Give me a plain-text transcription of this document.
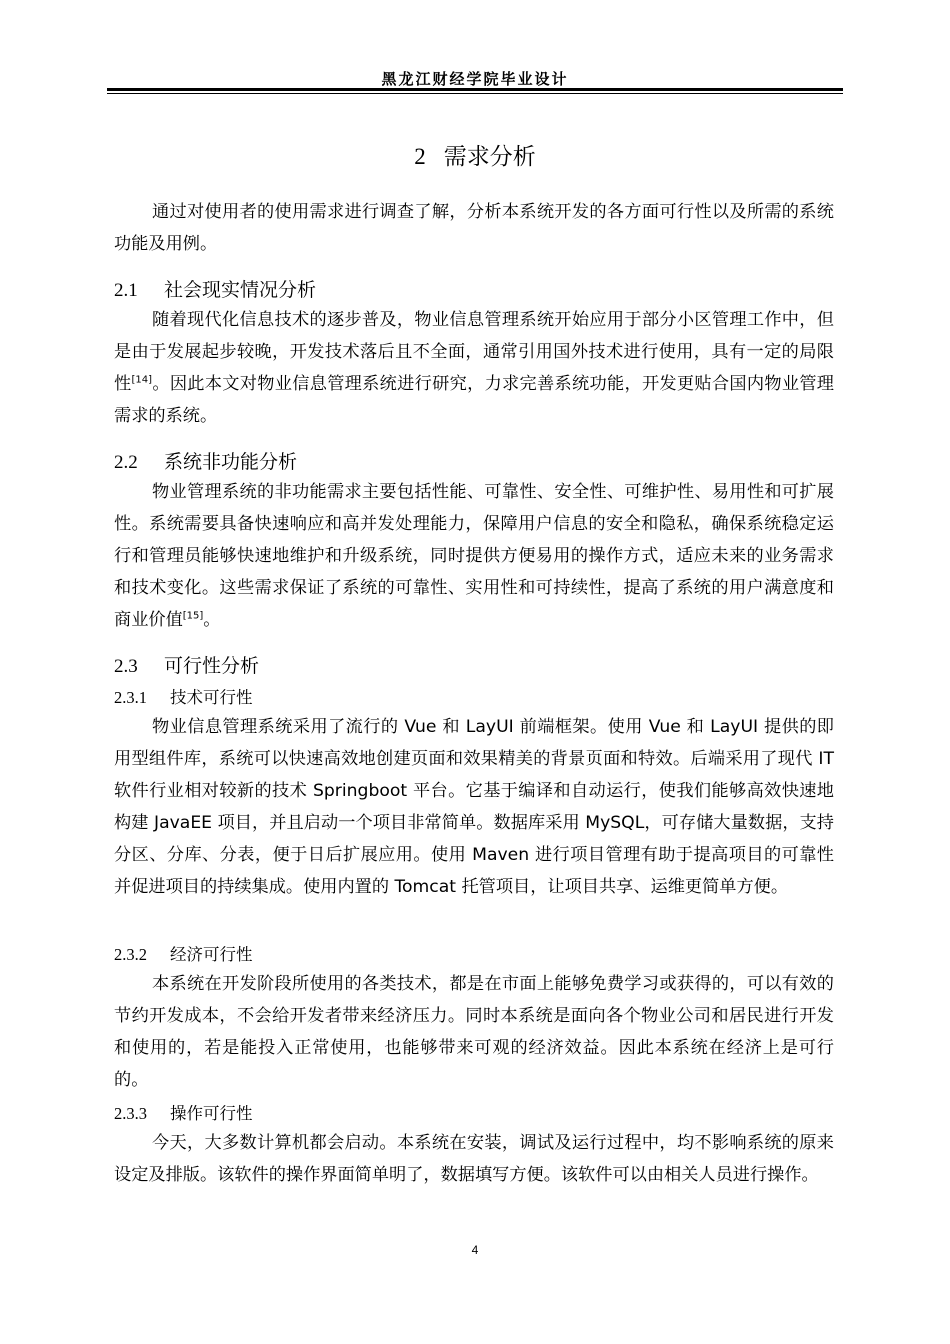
黑龙江财经学院毕业设计
2 需求分析
通过对使用者的使用需求进行调查了解，分析本系统开发的各方面可行性以及所需的系统功能及用例。
2.1 社会现实情况分析
随着现代化信息技术的逐步普及，物业信息管理系统开始应用于部分小区管理工作中，但是由于发展起步较晚，开发技术落后且不全面，通常引用国外技术进行使用，具有一定的局限性[14]。因此本文对物业信息管理系统进行研究，力求完善系统功能，开发更贴合国内物业管理需求的系统。
2.2 系统非功能分析
物业管理系统的非功能需求主要包括性能、可靠性、安全性、可维护性、易用性和可扩展性。系统需要具备快速响应和高并发处理能力，保障用户信息的安全和隐私，确保系统稳定运行和管理员能够快速地维护和升级系统，同时提供方便易用的操作方式，适应未来的业务需求和技术变化。这些需求保证了系统的可靠性、实用性和可持续性，提高了系统的用户满意度和商业价值[15]。
2.3 可行性分析
2.3.1 技术可行性
物业信息管理系统采用了流行的 Vue 和 LayUI 前端框架。使用 Vue 和 LayUI 提供的即用型组件库，系统可以快速高效地创建页面和效果精美的背景页面和特效。后端采用了现代 IT 软件行业相对较新的技术 Springboot 平台。它基于编译和自动运行，使我们能够高效快速地构建 JavaEE 项目，并且启动一个项目非常简单。数据库采用 MySQL，可存储大量数据，支持分区、分库、分表，便于日后扩展应用。使用 Maven 进行项目管理有助于提高项目的可靠性并促进项目的持续集成。使用内置的 Tomcat 托管项目，让项目共享、运维更简单方便。
2.3.2 经济可行性
本系统在开发阶段所使用的各类技术，都是在市面上能够免费学习或获得的，可以有效的节约开发成本，不会给开发者带来经济压力。同时本系统是面向各个物业公司和居民进行开发和使用的，若是能投入正常使用，也能够带来可观的经济效益。因此本系统在经济上是可行的。
2.3.3 操作可行性
今天，大多数计算机都会启动。本系统在安装，调试及运行过程中，均不影响系统的原来设定及排版。该软件的操作界面简单明了，数据填写方便。该软件可以由相关人员进行操作。
4
